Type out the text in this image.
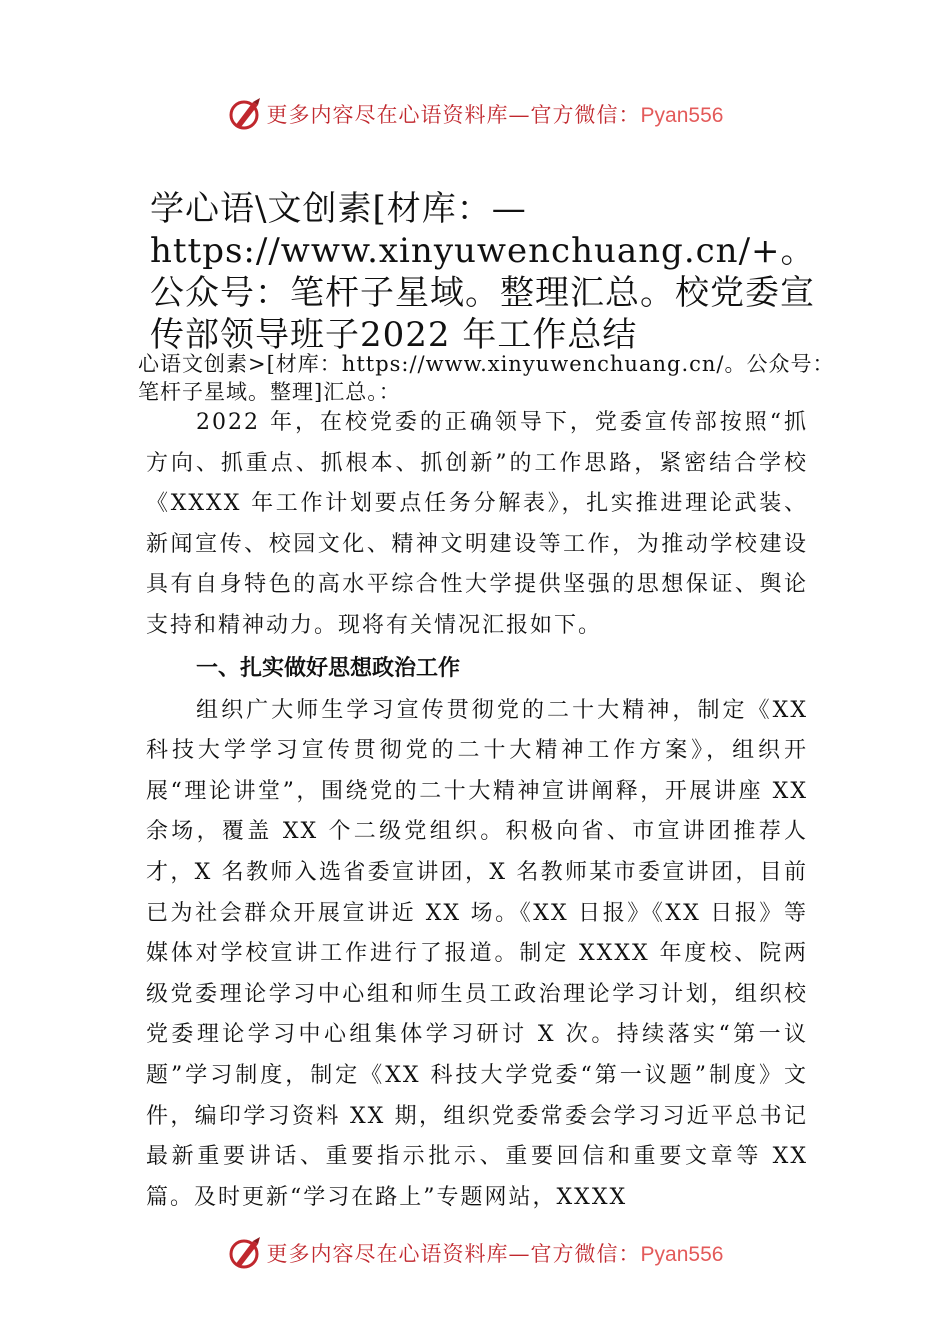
更多内容尽在心语资料库—官方微信：Pyan556
学心语\文创素[材库：—https://www.xinyuwenchuang.cn/+。公众号：笔杆子星域。整理汇总。校党委宣传部领导班子2022 年工作总结

心语文创素>[材库：https://www.xinyuwenchuang.cn/。公众号：笔杆子星域。整理]汇总。：

2022 年，在校党委的正确领导下，党委宣传部按照“抓方向、抓重点、抓根本、抓创新”的工作思路，紧密结合学校《XXXX 年工作计划要点任务分解表》，扎实推进理论武装、新闻宣传、校园文化、精神文明建设等工作，为推动学校建设具有自身特色的高水平综合性大学提供坚强的思想保证、舆论支持和精神动力。现将有关情况汇报如下。

一、扎实做好思想政治工作

组织广大师生学习宣传贯彻党的二十大精神，制定《XX 科技大学学习宣传贯彻党的二十大精神工作方案》，组织开展“理论讲堂”，围绕党的二十大精神宣讲阐释，开展讲座 XX 余场，覆盖 XX 个二级党组织。积极向省、市宣讲团推荐人才，X 名教师入选省委宣讲团，X 名教师某市委宣讲团，目前已为社会群众开展宣讲近 XX 场。《XX 日报》《XX 日报》等媒体对学校宣讲工作进行了报道。制定 XXXX 年度校、院两级党委理论学习中心组和师生员工政治理论学习计划，组织校党委理论学习中心组集体学习研讨 X 次。持续落实“第一议题”学习制度，制定《XX 科技大学党委“第一议题”制度》文件，编印学习资料 XX 期，组织党委常委会学习习近平总书记最新重要讲话、重要指示批示、重要回信和重要文章等 XX 篇。及时更新“学习在路上”专题网站，XXXX

更多内容尽在心语资料库—官方微信：Pyan556
